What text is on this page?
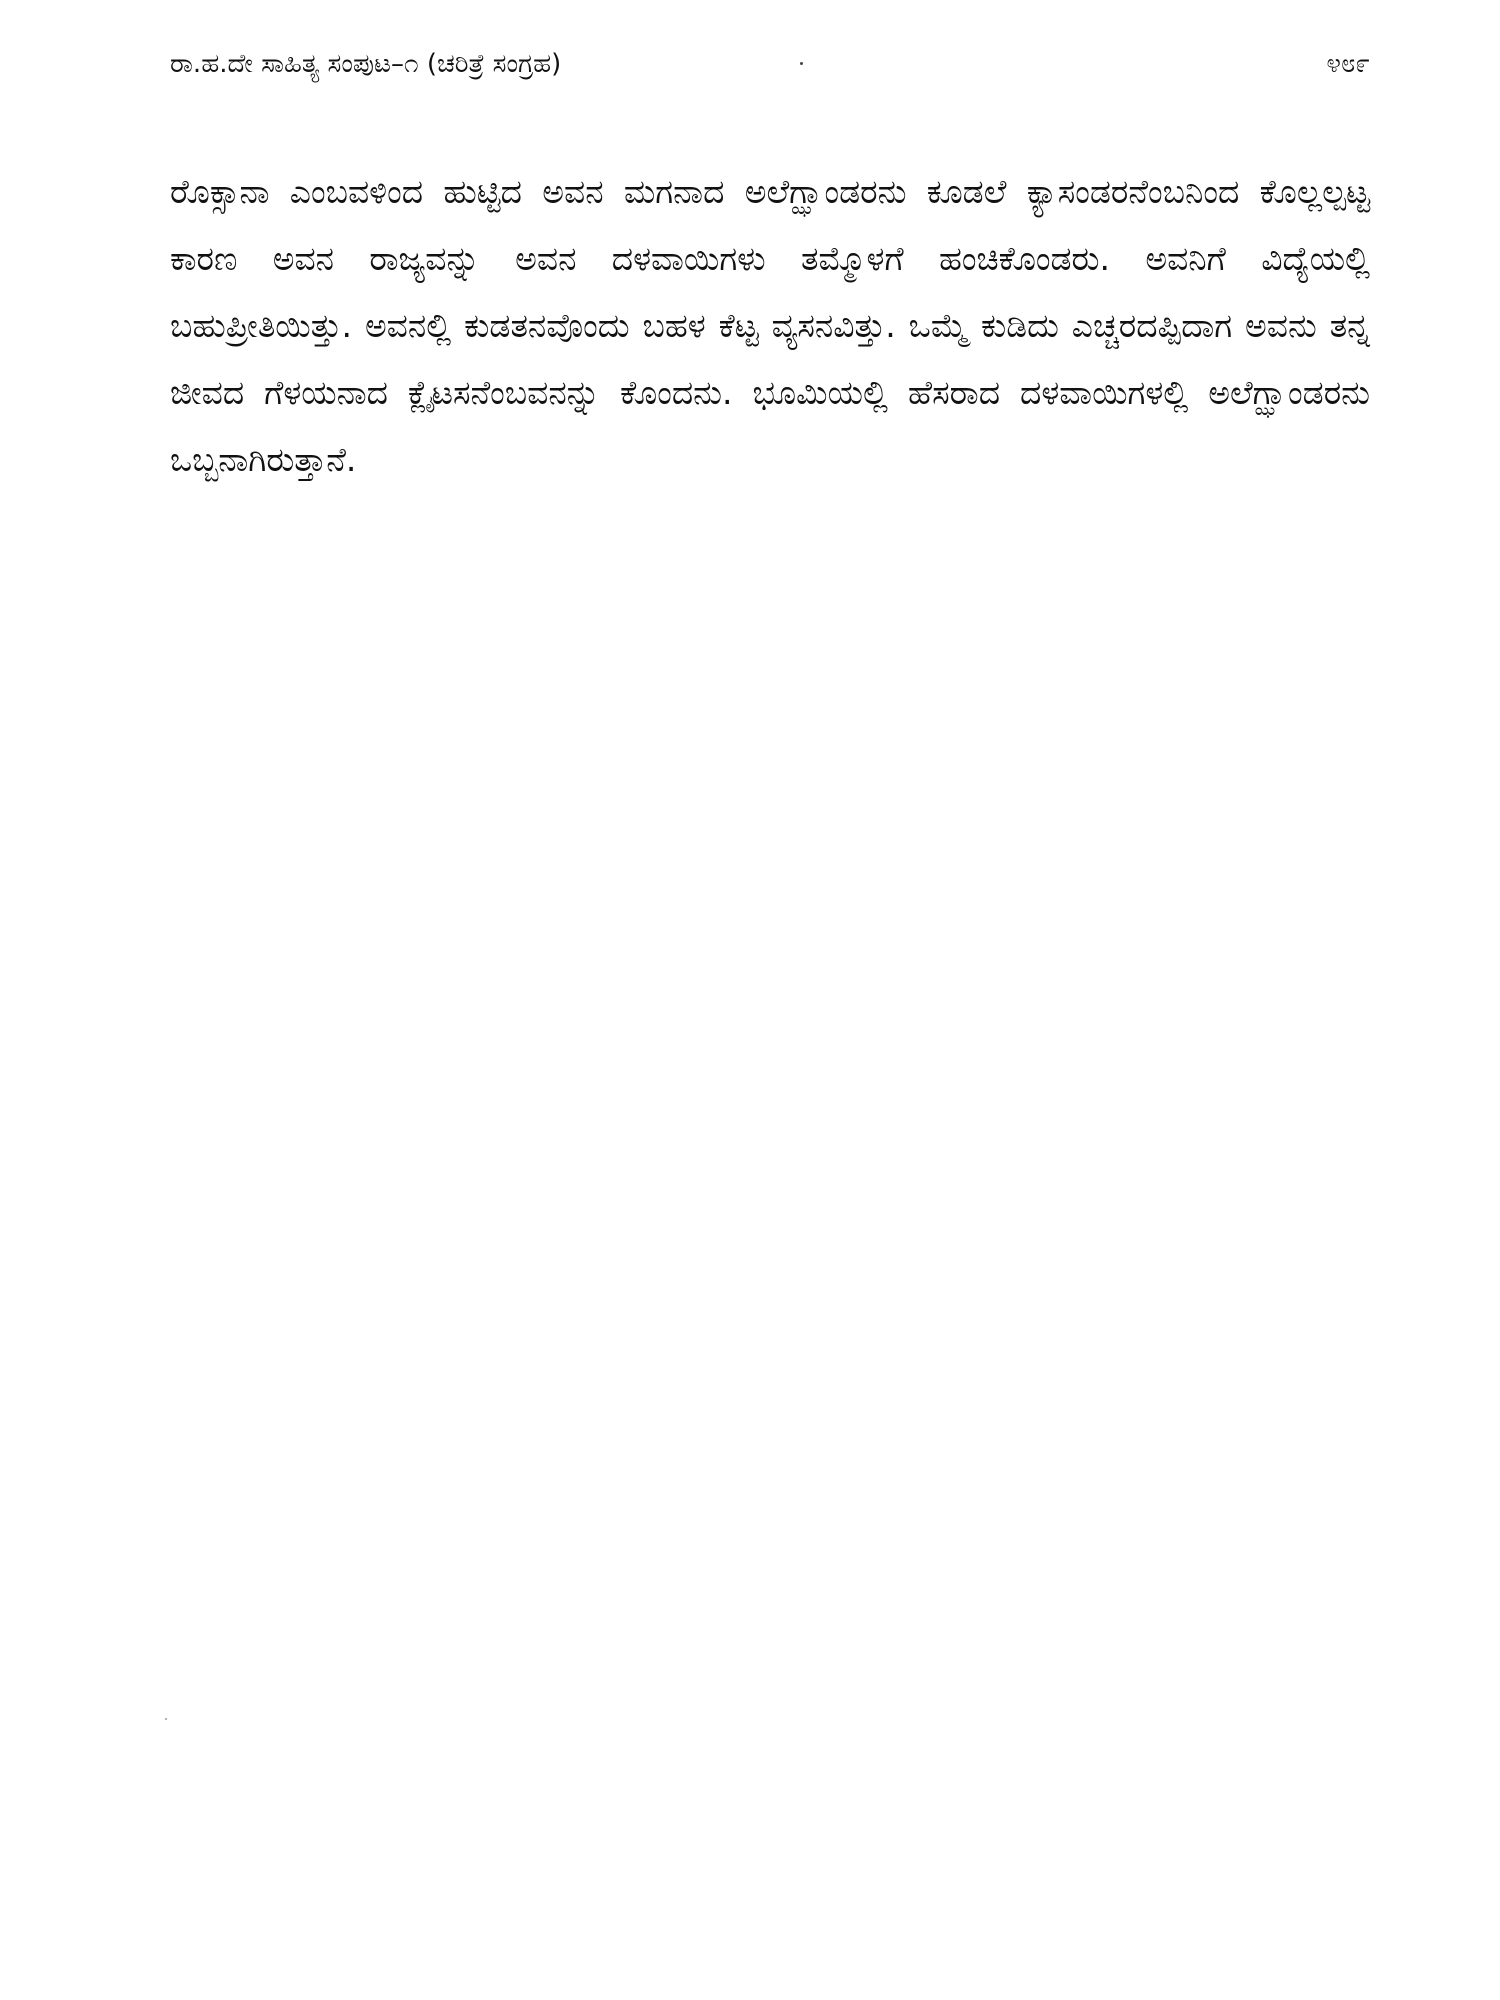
ರಾ.ಹ.ದೇ ಸಾಹಿತ್ಯ ಸಂಪುಟ–೧ (ಚರಿತ್ರೆ ಸಂಗ್ರಹ)	೪೮೯

ರೊಕ್ಸಾನಾ ಎಂಬವಳಿಂದ ಹುಟ್ಟಿದ ಅವನ ಮಗನಾದ ಅಲೆಗ್ಝಾಂಡರನು ಕೂಡಲೆ ಕ್ಯಾಸಂಡರನೆಂಬನಿಂದ ಕೊಲ್ಲಲ್ಪಟ್ಟ ಕಾರಣ ಅವನ ರಾಜ್ಯವನ್ನು ಅವನ ದಳವಾಯಿಗಳು ತಮ್ಮೊಳಗೆ ಹಂಚಿಕೊಂಡರು. ಅವನಿಗೆ ವಿದ್ಯೆಯಲ್ಲಿ ಬಹುಪ್ರೀತಿಯಿತ್ತು. ಅವನಲ್ಲಿ ಕುಡತನವೊಂದು ಬಹಳ ಕೆಟ್ಟ ವ್ಯಸನವಿತ್ತು. ಒಮ್ಮೆ ಕುಡಿದು ಎಚ್ಚರದಪ್ಪಿದಾಗ ಅವನು ತನ್ನ ಜೀವದ ಗೆಳಯನಾದ ಕ್ಲೈಟಸನೆಂಬವನನ್ನು ಕೊಂದನು. ಭೂಮಿಯಲ್ಲಿ ಹೆಸರಾದ ದಳವಾಯಿಗಳಲ್ಲಿ ಅಲೆಗ್ಝಾಂಡರನು ಒಬ್ಬನಾಗಿರುತ್ತಾನೆ.
